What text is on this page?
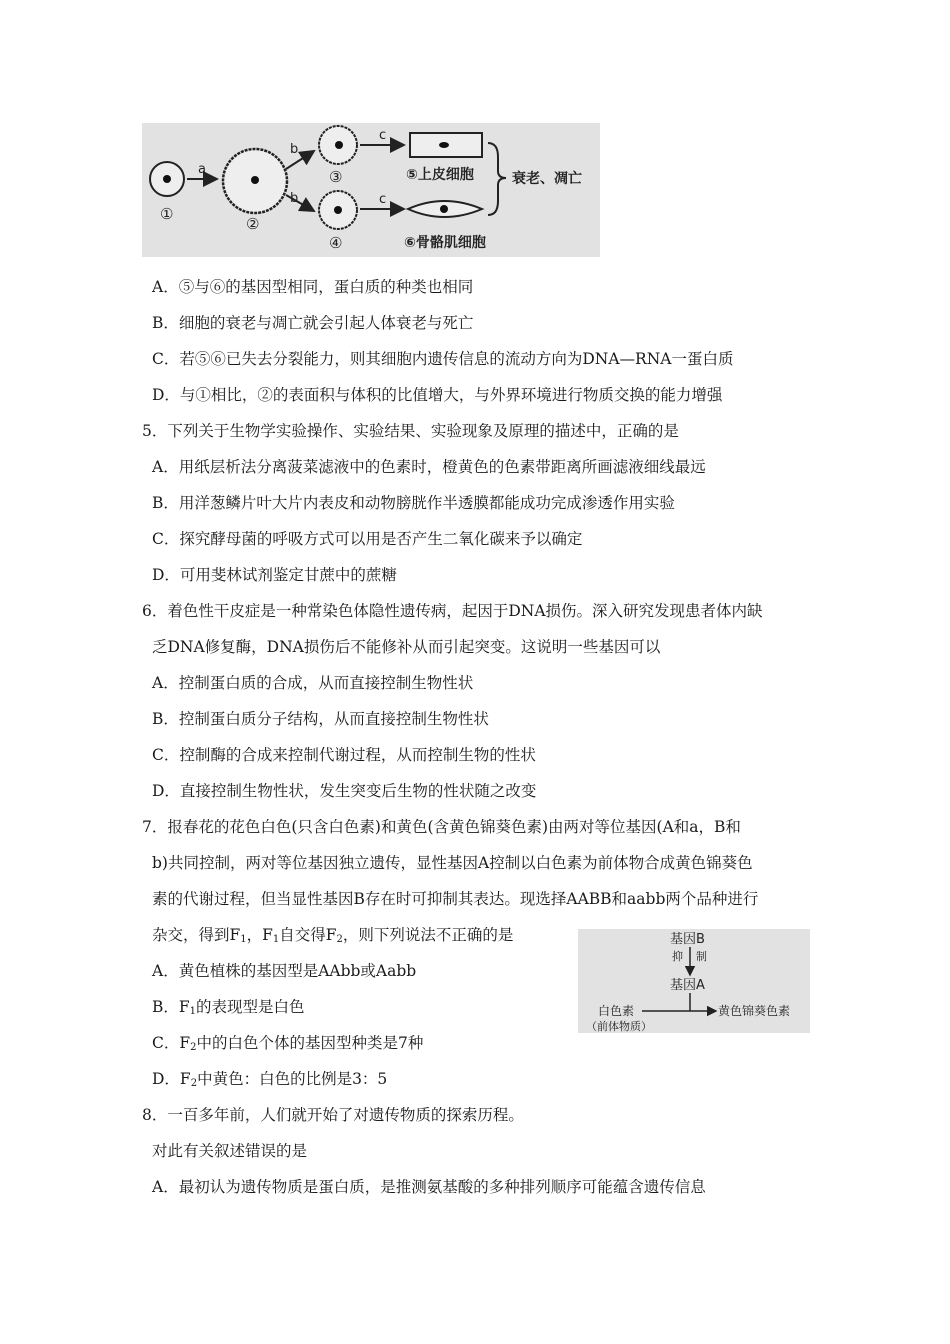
①
a
②
b
b
③
④
c
c
⑤上皮细胞
⑥骨骼肌细胞
衰老、凋亡
A．⑤与⑥的基因型相同，蛋白质的种类也相同
B．细胞的衰老与凋亡就会引起人体衰老与死亡
C．若⑤⑥已失去分裂能力，则其细胞内遗传信息的流动方向为DNA—RNA一蛋白质
D．与①相比，②的表面积与体积的比值增大，与外界环境进行物质交换的能力增强
5．下列关于生物学实验操作、实验结果、实验现象及原理的描述中，正确的是
A．用纸层析法分离菠菜滤液中的色素时，橙黄色的色素带距离所画滤液细线最远
B．用洋葱鳞片叶大片内表皮和动物膀胱作半透膜都能成功完成渗透作用实验
C．探究酵母菌的呼吸方式可以用是否产生二氧化碳来予以确定
D．可用斐林试剂鉴定甘蔗中的蔗糖
6．着色性干皮症是一种常染色体隐性遗传病，起因于DNA损伤。深入研究发现患者体内缺
乏DNA修复酶，DNA损伤后不能修补从而引起突变。这说明一些基因可以
A．控制蛋白质的合成，从而直接控制生物性状
B．控制蛋白质分子结构，从而直接控制生物性状
C．控制酶的合成来控制代谢过程，从而控制生物的性状
D．直接控制生物性状，发生突变后生物的性状随之改变
7．报春花的花色白色(只含白色素)和黄色(含黄色锦葵色素)由两对等位基因(A和a，B和
b)共同控制，两对等位基因独立遗传，显性基因A控制以白色素为前体物合成黄色锦葵色
素的代谢过程，但当显性基因B存在时可抑制其表达。现选择AABB和aabb两个品种进行
杂交，得到$F_1$，$F_1$自交得$F_2$，则下列说法不正确的是
A．黄色植株的基因型是AAbb或Aabb
B．$F_1$的表现型是白色
C．$F_2$中的白色个体的基因型种类是7种
D．$F_2$中黄色：白色的比例是3：5
基因B
抑 制
基因A
白色素	黄色锦葵色素
（前体物质）
8．一百多年前，人们就开始了对遗传物质的探索历程。
对此有关叙述错误的是
A．最初认为遗传物质是蛋白质，是推测氨基酸的多种排列顺序可能蕴含遗传信息
